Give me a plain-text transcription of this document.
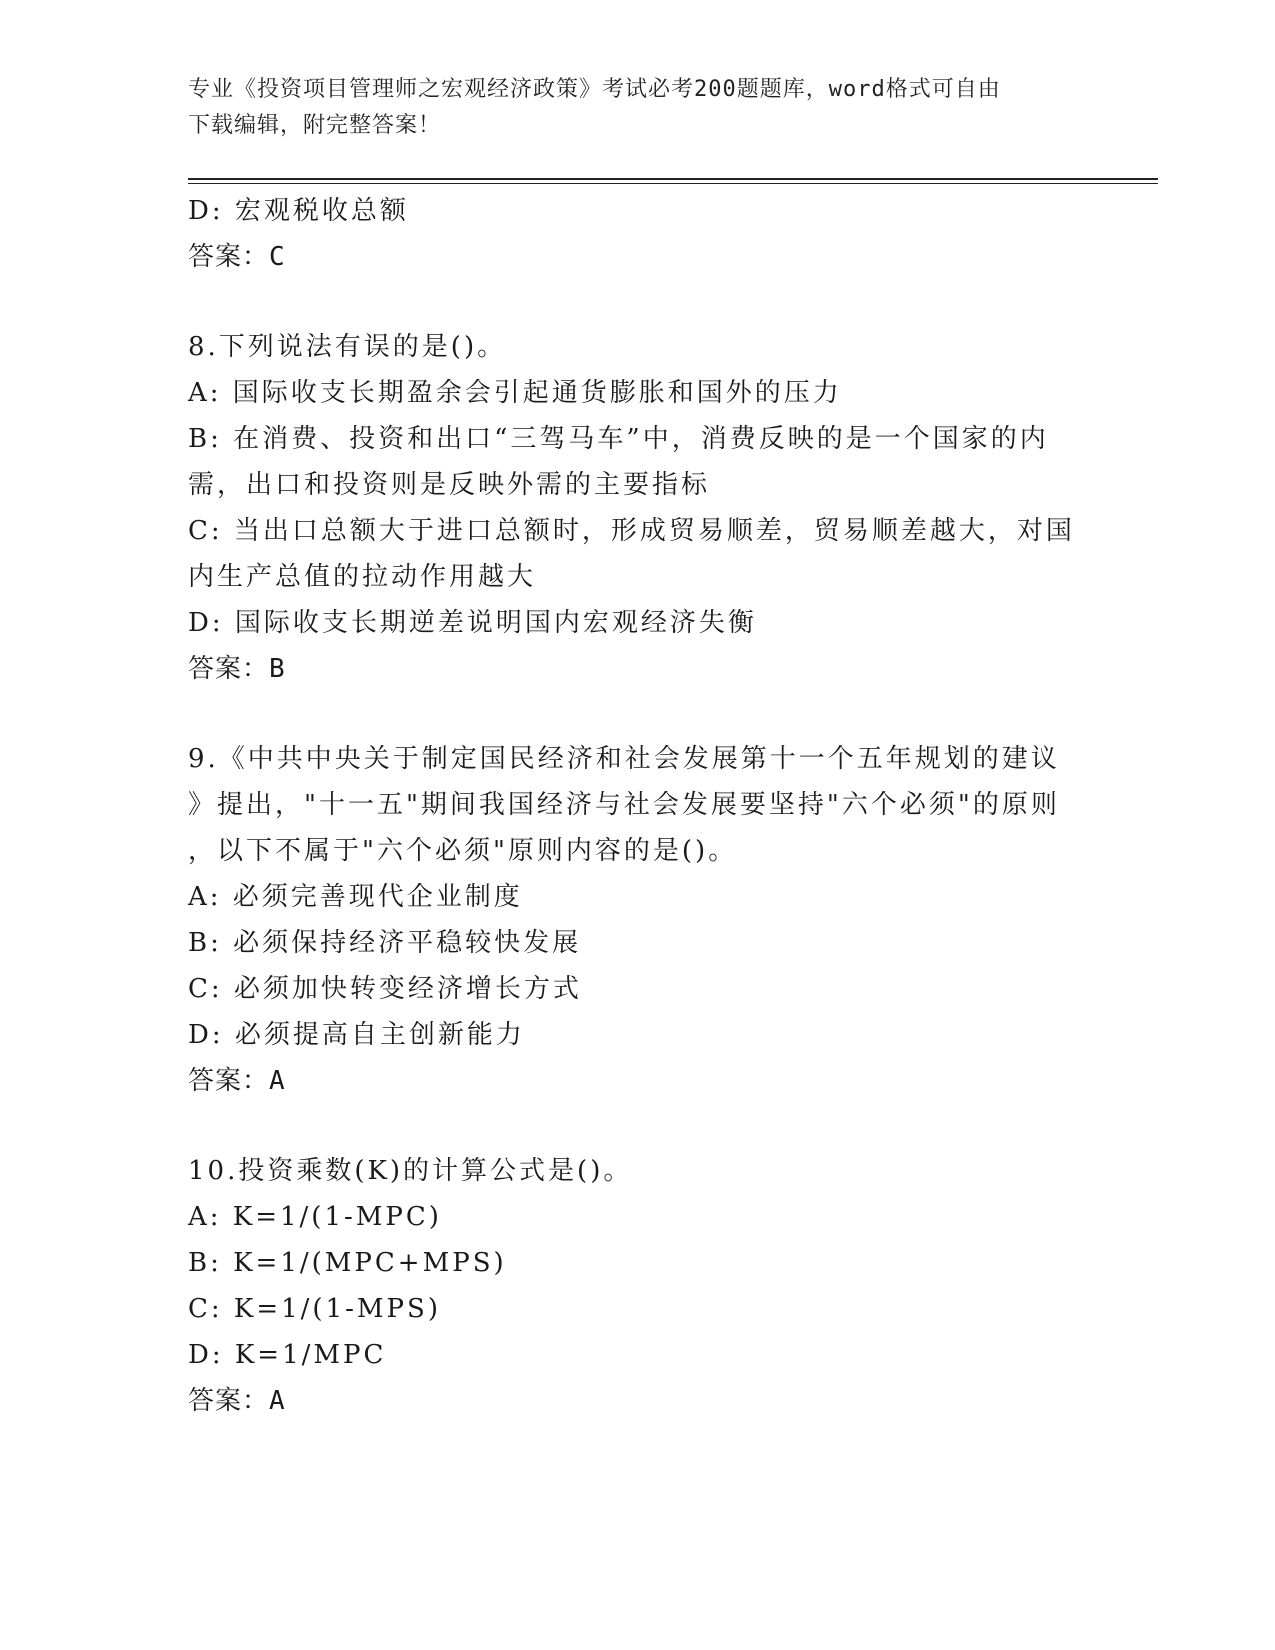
专业《投资项目管理师之宏观经济政策》考试必考200题题库，word格式可自由
下载编辑，附完整答案！
D: 宏观税收总额
答案：C
8.下列说法有误的是()。
A: 国际收支长期盈余会引起通货膨胀和国外的压力
B: 在消费、投资和出口“三驾马车”中，消费反映的是一个国家的内
需，出口和投资则是反映外需的主要指标
C: 当出口总额大于进口总额时，形成贸易顺差，贸易顺差越大，对国
内生产总值的拉动作用越大
D: 国际收支长期逆差说明国内宏观经济失衡
答案：B
9.《中共中央关于制定国民经济和社会发展第十一个五年规划的建议
》提出，"十一五"期间我国经济与社会发展要坚持"六个必须"的原则
，以下不属于"六个必须"原则内容的是()。
A: 必须完善现代企业制度
B: 必须保持经济平稳较快发展
C: 必须加快转变经济增长方式
D: 必须提高自主创新能力
答案：A
10.投资乘数(K)的计算公式是()。
A: K=1/(1-MPC)
B: K=1/(MPC+MPS)
C: K=1/(1-MPS)
D: K=1/MPC
答案：A
